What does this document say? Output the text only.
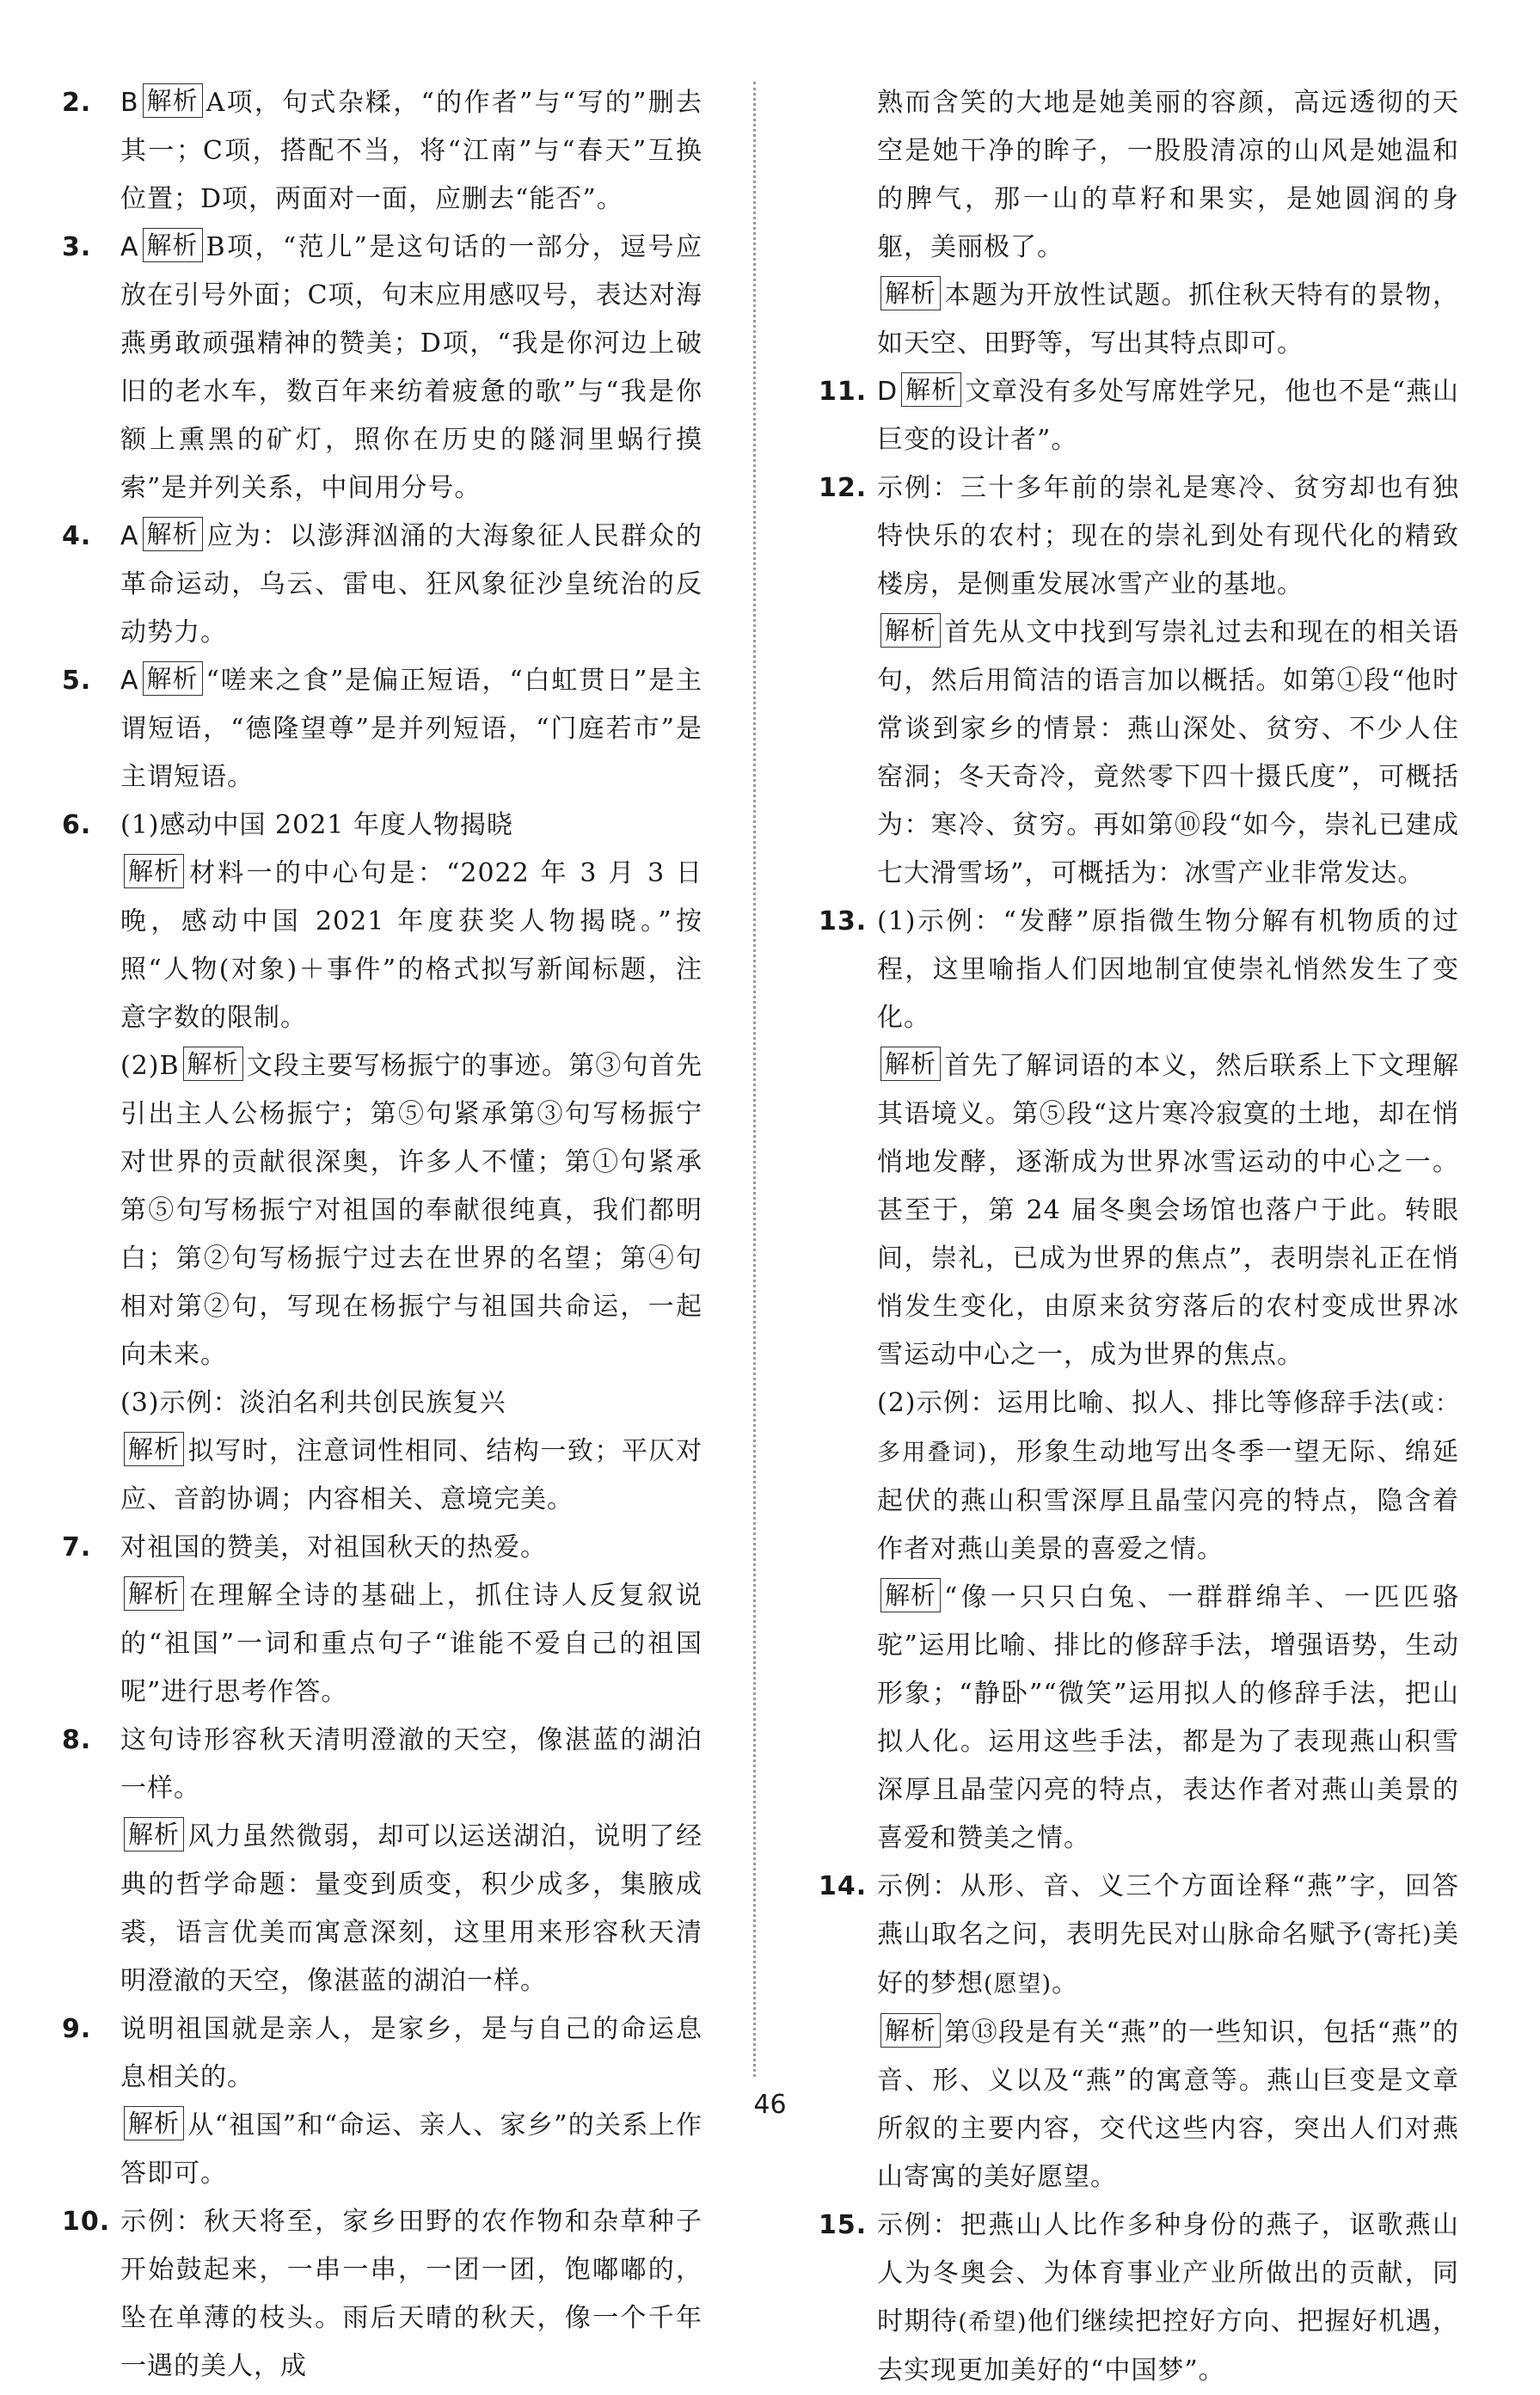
2. B 解析 A项，句式杂糅，“的作者”与“写的”删去其一；C项，搭配不当，将“江南”与“春天”互换位置；D项，两面对一面，应删去“能否”。
3. A 解析 B项，“范儿”是这句话的一部分，逗号应放在引号外面；C项，句末应用感叹号，表达对海燕勇敢顽强精神的赞美；D项，“我是你河边上破旧的老水车，数百年来纺着疲惫的歌”与“我是你额上熏黑的矿灯，照你在历史的隧洞里蜗行摸索”是并列关系，中间用分号。
4. A 解析 应为：以澎湃汹涌的大海象征人民群众的革命运动，乌云、雷电、狂风象征沙皇统治的反动势力。
5. A 解析 “嗟来之食”是偏正短语，“白虹贯日”是主谓短语，“德隆望尊”是并列短语，“门庭若市”是主谓短语。
6. (1)感动中国 2021 年度人物揭晓
解析 材料一的中心句是：“2022 年 3 月 3 日晚，感动中国 2021 年度获奖人物揭晓。”按照“人物(对象)＋事件”的格式拟写新闻标题，注意字数的限制。
(2)B 解析 文段主要写杨振宁的事迹。第③句首先引出主人公杨振宁；第⑤句紧承第③句写杨振宁对世界的贡献很深奥，许多人不懂；第①句紧承第⑤句写杨振宁对祖国的奉献很纯真，我们都明白；第②句写杨振宁过去在世界的名望；第④句相对第②句，写现在杨振宁与祖国共命运，一起向未来。
(3)示例：淡泊名利共创民族复兴
解析 拟写时，注意词性相同、结构一致；平仄对应、音韵协调；内容相关、意境完美。
7. 对祖国的赞美，对祖国秋天的热爱。
解析 在理解全诗的基础上，抓住诗人反复叙说的“祖国”一词和重点句子“谁能不爱自己的祖国呢”进行思考作答。
8. 这句诗形容秋天清明澄澈的天空，像湛蓝的湖泊一样。
解析 风力虽然微弱，却可以运送湖泊，说明了经典的哲学命题：量变到质变，积少成多，集腋成裘，语言优美而寓意深刻，这里用来形容秋天清明澄澈的天空，像湛蓝的湖泊一样。
9. 说明祖国就是亲人，是家乡，是与自己的命运息息相关的。
解析 从“祖国”和“命运、亲人、家乡”的关系上作答即可。
10. 示例：秋天将至，家乡田野的农作物和杂草种子开始鼓起来，一串一串，一团一团，饱嘟嘟的，坠在单薄的枝头。雨后天晴的秋天，像一个千年一遇的美人，成
熟而含笑的大地是她美丽的容颜，高远透彻的天空是她干净的眸子，一股股清凉的山风是她温和的脾气，那一山的草籽和果实，是她圆润的身躯，美丽极了。
解析 本题为开放性试题。抓住秋天特有的景物，如天空、田野等，写出其特点即可。
11. D 解析 文章没有多处写席姓学兄，他也不是“燕山巨变的设计者”。
12. 示例：三十多年前的崇礼是寒冷、贫穷却也有独特快乐的农村；现在的崇礼到处有现代化的精致楼房，是侧重发展冰雪产业的基地。
解析 首先从文中找到写崇礼过去和现在的相关语句，然后用简洁的语言加以概括。如第①段“他时常谈到家乡的情景：燕山深处、贫穷、不少人住窑洞；冬天奇冷，竟然零下四十摄氏度”，可概括为：寒冷、贫穷。再如第⑩段“如今，崇礼已建成七大滑雪场”，可概括为：冰雪产业非常发达。
13. (1)示例：“发酵”原指微生物分解有机物质的过程，这里喻指人们因地制宜使崇礼悄然发生了变化。
解析 首先了解词语的本义，然后联系上下文理解其语境义。第⑤段“这片寒冷寂寞的土地，却在悄悄地发酵，逐渐成为世界冰雪运动的中心之一。甚至于，第 24 届冬奥会场馆也落户于此。转眼间，崇礼，已成为世界的焦点”，表明崇礼正在悄悄发生变化，由原来贫穷落后的农村变成世界冰雪运动中心之一，成为世界的焦点。
(2)示例：运用比喻、拟人、排比等修辞手法(或：多用叠词)，形象生动地写出冬季一望无际、绵延起伏的燕山积雪深厚且晶莹闪亮的特点，隐含着作者对燕山美景的喜爱之情。
解析 “像一只只白兔、一群群绵羊、一匹匹骆驼”运用比喻、排比的修辞手法，增强语势，生动形象；“静卧”“微笑”运用拟人的修辞手法，把山拟人化。运用这些手法，都是为了表现燕山积雪深厚且晶莹闪亮的特点，表达作者对燕山美景的喜爱和赞美之情。
14. 示例：从形、音、义三个方面诠释“燕”字，回答燕山取名之问，表明先民对山脉命名赋予(寄托)美好的梦想(愿望)。
解析 第⑬段是有关“燕”的一些知识，包括“燕”的音、形、义以及“燕”的寓意等。燕山巨变是文章所叙的主要内容，交代这些内容，突出人们对燕山寄寓的美好愿望。
15. 示例：把燕山人比作多种身份的燕子，讴歌燕山人为冬奥会、为体育事业产业所做出的贡献，同时期待(希望)他们继续把控好方向、把握好机遇，去实现更加美好的“中国梦”。
46
